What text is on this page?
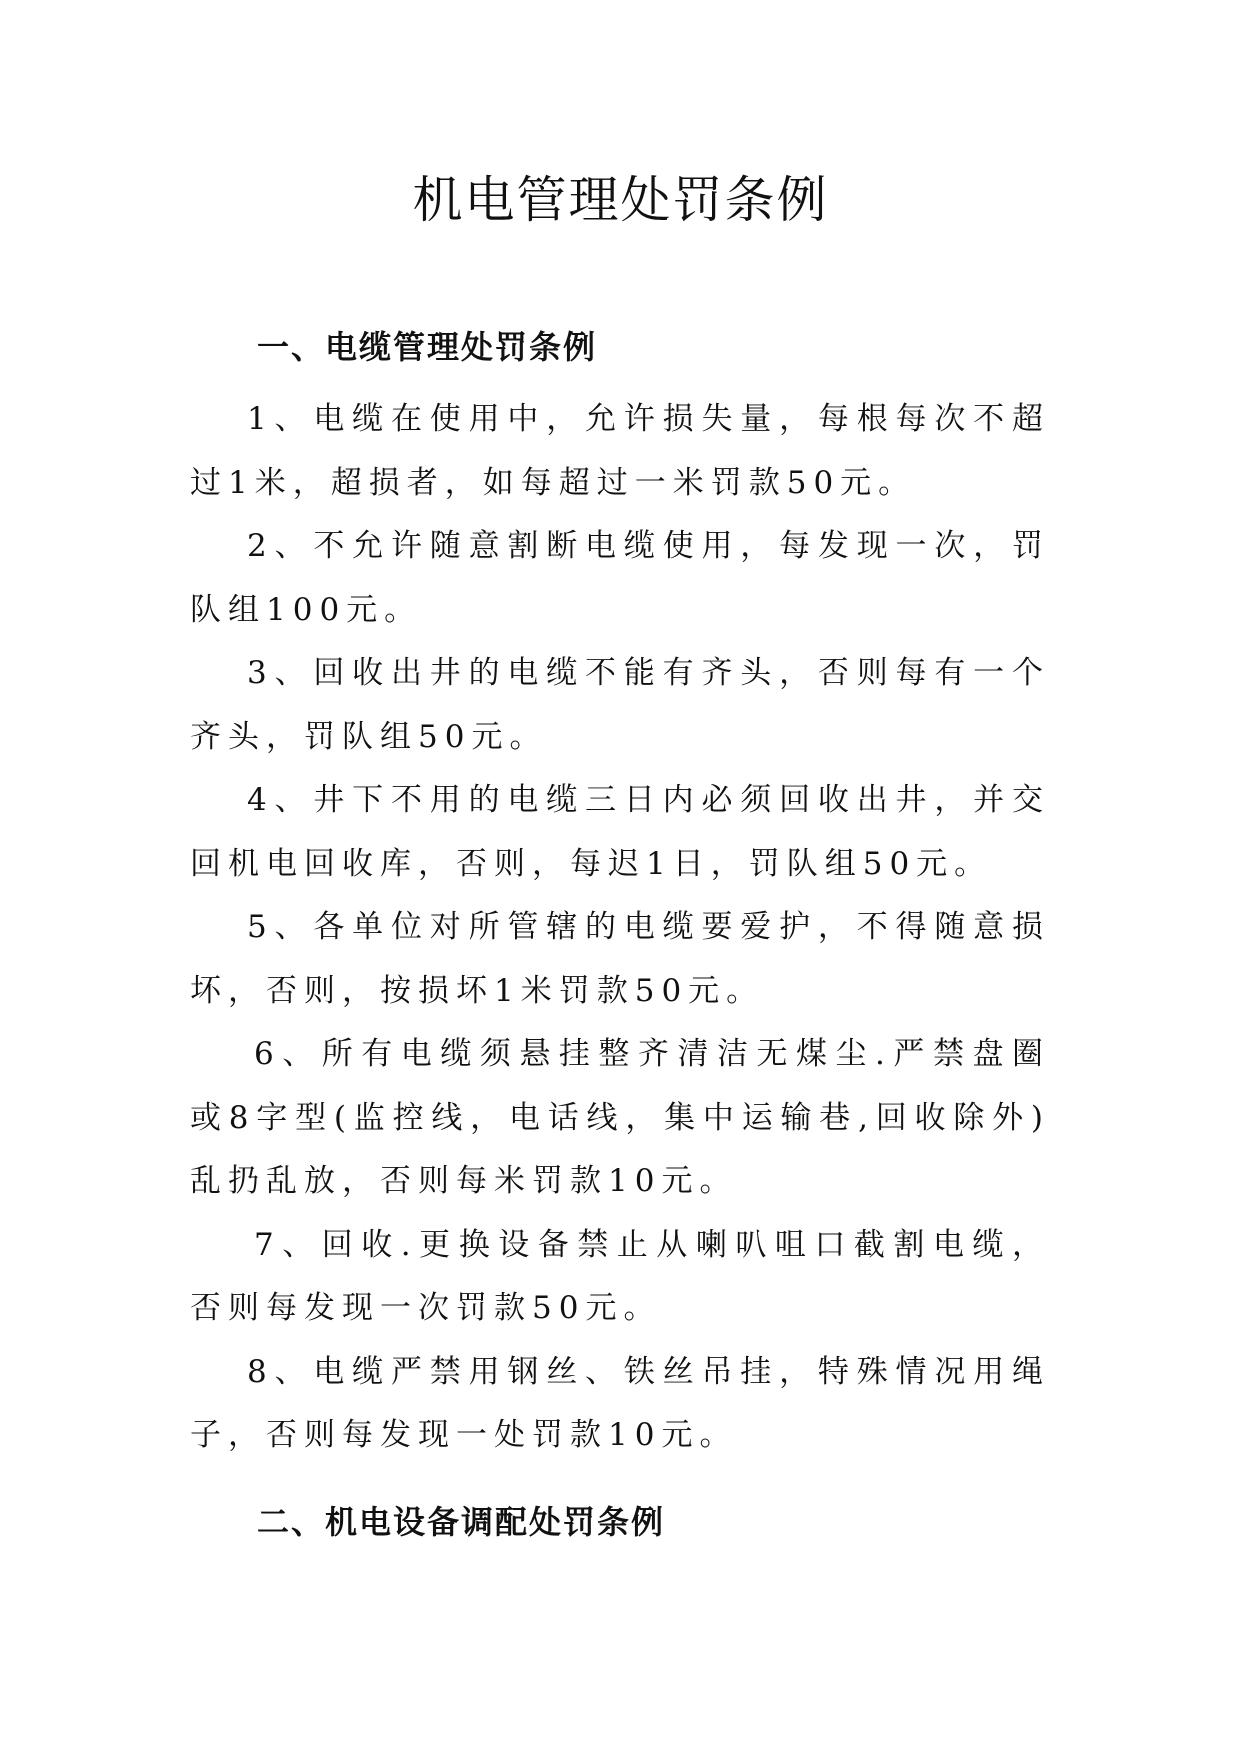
机电管理处罚条例
一、电缆管理处罚条例

1、电缆在使用中，允许损失量，每根每次不超过1米，超损者，如每超过一米罚款50元。

2、不允许随意割断电缆使用，每发现一次，罚队组100元。

3、回收出井的电缆不能有齐头，否则每有一个齐头，罚队组50元。

4、井下不用的电缆三日内必须回收出井，并交回机电回收库，否则，每迟1日，罚队组50元。

5、各单位对所管辖的电缆要爱护，不得随意损坏，否则，按损坏1米罚款50元。

6、所有电缆须悬挂整齐清洁无煤尘.严禁盘圈或8字型(监控线，电话线，集中运输巷,回收除外)乱扔乱放，否则每米罚款10元。

7、回收.更换设备禁止从喇叭咀口截割电缆，否则每发现一次罚款50元。

8、电缆严禁用钢丝、铁丝吊挂，特殊情况用绳子，否则每发现一处罚款10元。

二、机电设备调配处罚条例
